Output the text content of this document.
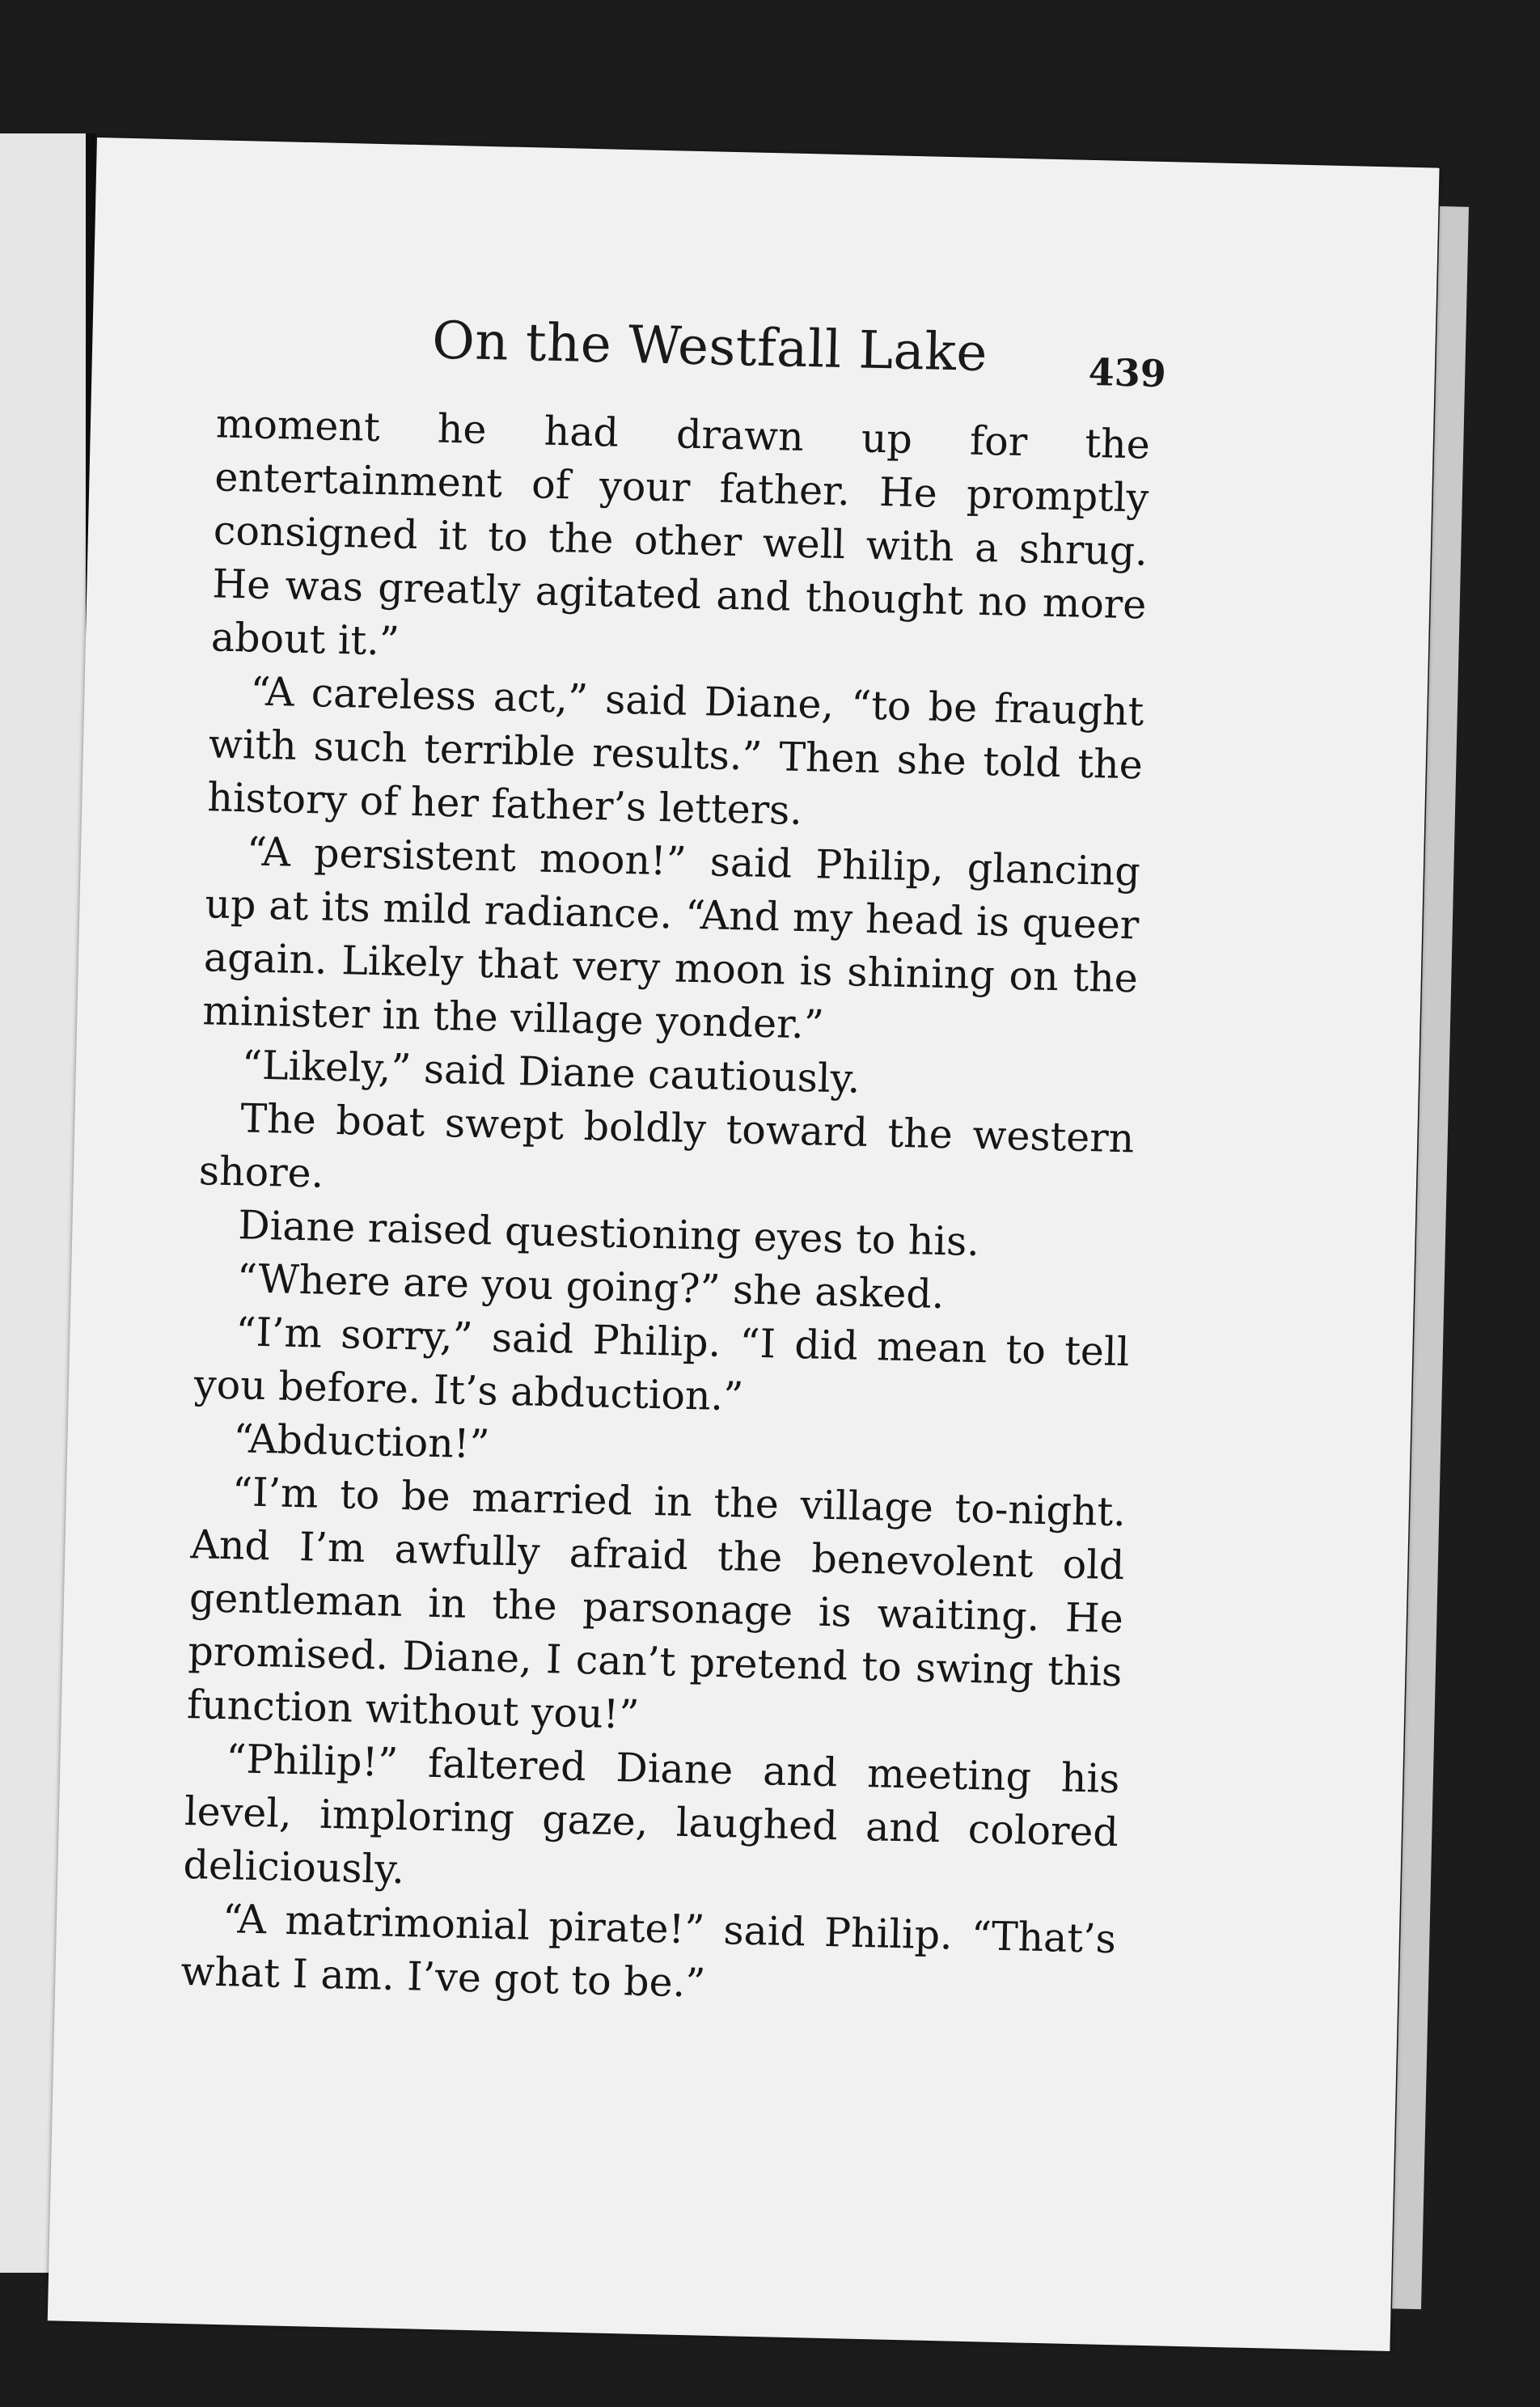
On the Westfall Lake	439

moment he had drawn up for the entertainment of your father. He promptly consigned it to the other well with a shrug. He was greatly agitated and thought no more about it.”

“A careless act,” said Diane, “to be fraught with such terrible results.” Then she told the history of her father’s letters.

“A persistent moon!” said Philip, glancing up at its mild radiance. “And my head is queer again. Likely that very moon is shining on the minister in the village yonder.”

“Likely,” said Diane cautiously.

The boat swept boldly toward the western shore.

Diane raised questioning eyes to his.

“Where are you going?” she asked.

“I’m sorry,” said Philip. “I did mean to tell you before. It’s abduction.”

“Abduction!”

“I’m to be married in the village to-night. And I’m awfully afraid the benevolent old gentleman in the parsonage is waiting. He promised. Diane, I can’t pretend to swing this function without you!”

“Philip!” faltered Diane and meeting his level, imploring gaze, laughed and colored deliciously.

“A matrimonial pirate!” said Philip. “That’s what I am. I’ve got to be.”
